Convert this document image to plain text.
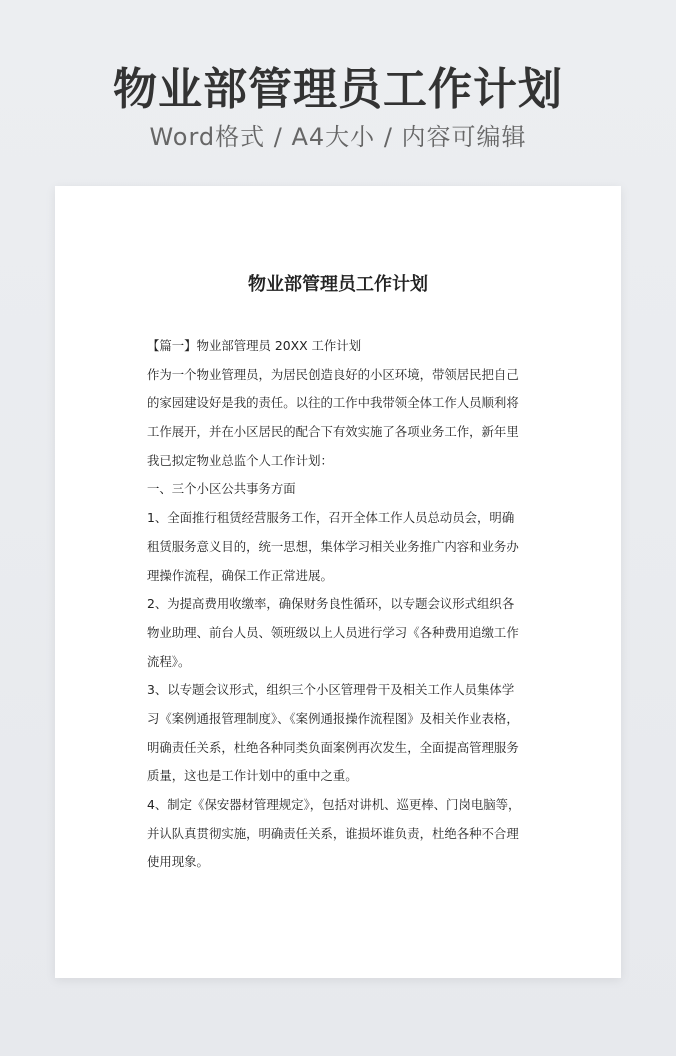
物业部管理员工作计划
Word格式 / A4大小 / 内容可编辑
物业部管理员工作计划
【篇一】物业部管理员 20XX 工作计划
作为一个物业管理员，为居民创造良好的小区环境，带领居民把自己
的家园建设好是我的责任。以往的工作中我带领全体工作人员顺利将
工作展开，并在小区居民的配合下有效实施了各项业务工作，新年里
我已拟定物业总监个人工作计划：
一、三个小区公共事务方面
1、全面推行租赁经营服务工作，召开全体工作人员总动员会，明确
租赁服务意义目的，统一思想，集体学习相关业务推广内容和业务办
理操作流程，确保工作正常进展。
2、为提高费用收缴率，确保财务良性循环，以专题会议形式组织各
物业助理、前台人员、领班级以上人员进行学习《各种费用追缴工作
流程》。
3、以专题会议形式，组织三个小区管理骨干及相关工作人员集体学
习《案例通报管理制度》、《案例通报操作流程图》及相关作业表格，
明确责任关系，杜绝各种同类负面案例再次发生，全面提高管理服务
质量，这也是工作计划中的重中之重。
4、制定《保安器材管理规定》，包括对讲机、巡更棒、门岗电脑等，
并认队真贯彻实施，明确责任关系，谁损坏谁负责，杜绝各种不合理
使用现象。
